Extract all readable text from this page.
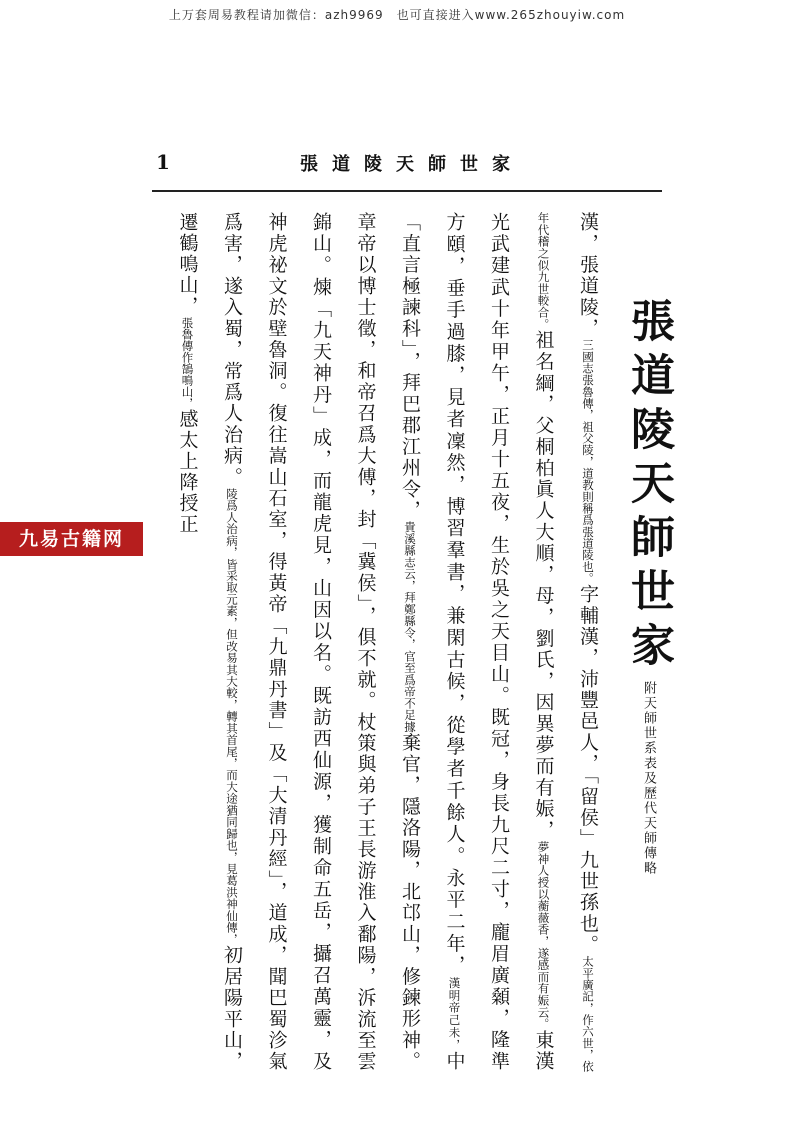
上万套周易教程请加微信：azh9969　也可直接进入www.265zhouyiw.com
1	張道陵天師世家
九易古籍网	張道陵天師世家 附天師世系表及歷代天師傳略
漢，張道陵，三國志張魯傳，祖父陵，道教則稱爲張道陵也。字輔漢，沛豐邑人，「留侯」九世孫也。太平廣記，作六世，依年代稽之似九世較合。祖名綱，父桐柏眞人大順，母，劉氏，因異夢而有娠，夢神人授以蘅薇香，遂感而有娠云。東漢光武建武十年甲午，正月十五夜，生於吳之天目山。既冠，身長九尺二寸，龐眉廣顙，隆準方頤，垂手過膝，見者凜然，博習羣書，兼閑古候，從學者千餘人。永平二年，漢明帝己未，中「直言極諫科」，拜巴郡江州令，貴溪縣志云，拜鄭縣令，官至爲帝不足據棄官，隱洛陽，北邙山，修鍊形神。章帝以博士徵，和帝召爲大傅，封「冀侯」，俱不就。杖策與弟子王長游淮入鄱陽，泝流至雲錦山。煉「九天神丹」成，而龍虎見，山因以名。既訪西仙源，獲制命五岳，攝召萬靈，及神虎祕文於壁魯洞。復往嵩山石室，得黃帝「九鼎丹書」及「大清丹經」，道成，聞巴蜀沴氣爲害，遂入蜀，常爲人治病。陵爲人治病，皆采取元素，但改易其大較，轉其首尾，而大途猶同歸也，見葛洪神仙傳，初居陽平山，遷鶴鳴山，張魯傳作鵠鳴山，感太上降授正
